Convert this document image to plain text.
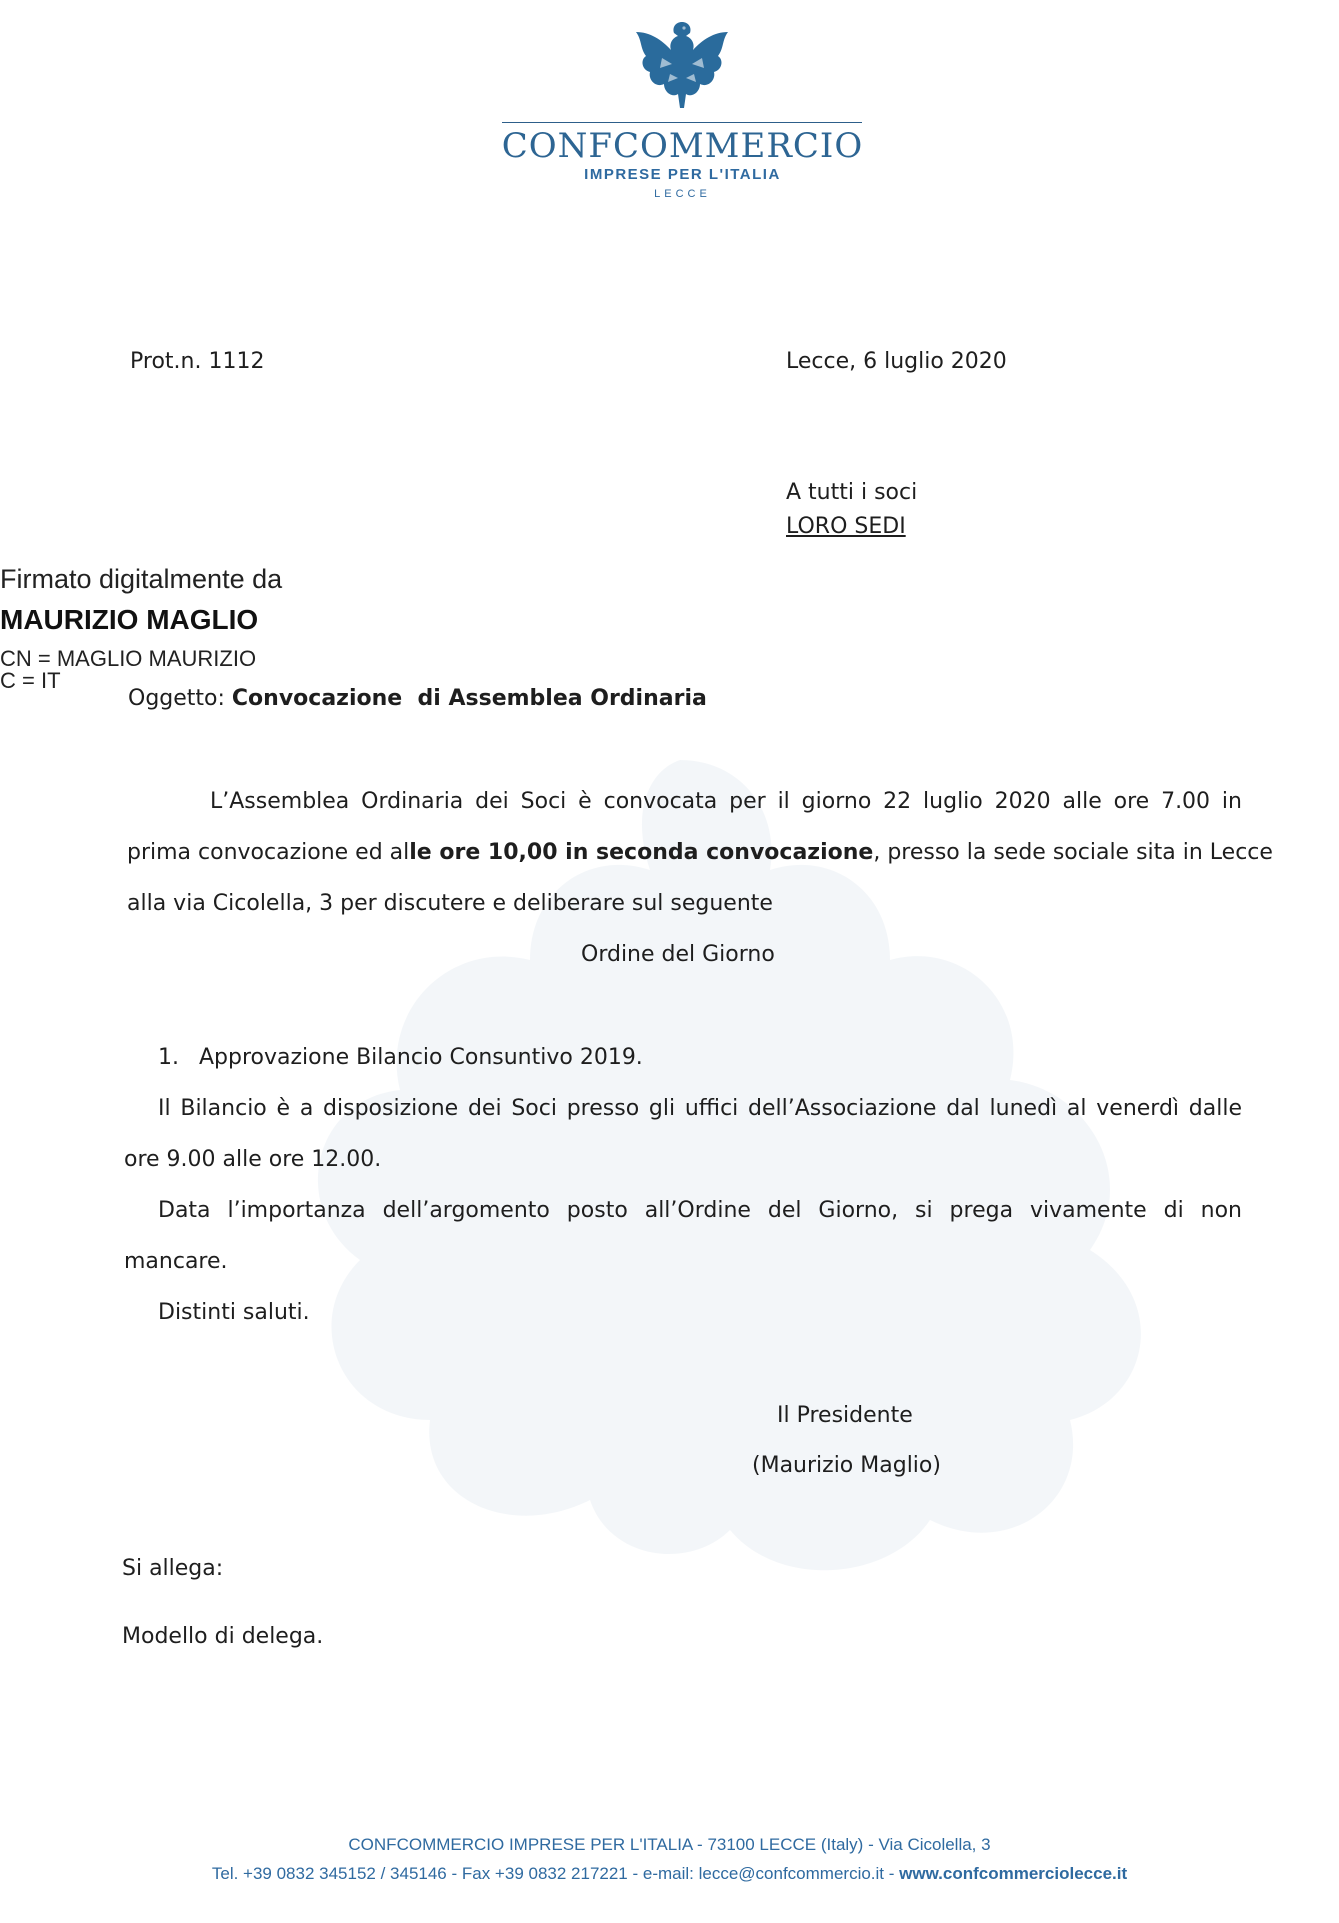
CONFCOMMERCIO
IMPRESE PER L'ITALIA
LECCE
Prot.n. 1112	Lecce, 6 luglio 2020
A tutti i soci
LORO SEDI
Firmato digitalmente da
MAURIZIO MAGLIO
CN = MAGLIO MAURIZIO
C = IT
Oggetto: Convocazione  di Assemblea Ordinaria
L’Assemblea Ordinaria dei Soci è convocata per il giorno 22 luglio 2020 alle ore 7.00 in
prima convocazione ed alle ore 10,00 in seconda convocazione, presso la sede sociale sita in Lecce
alla via Cicolella, 3 per discutere e deliberare sul seguente
Ordine del Giorno
1. Approvazione Bilancio Consuntivo 2019.
Il Bilancio è a disposizione dei Soci presso gli uffici dell’Associazione dal lunedì al venerdì dalle
ore 9.00 alle ore 12.00.
Data l’importanza dell’argomento posto all’Ordine del Giorno, si prega vivamente di non
mancare.
Distinti saluti.
Il Presidente
(Maurizio Maglio)
Si allega:
Modello di delega.
CONFCOMMERCIO IMPRESE PER L'ITALIA - 73100 LECCE (Italy) - Via Cicolella, 3
Tel. +39 0832 345152 / 345146 - Fax +39 0832 217221 - e-mail: lecce@confcommercio.it - www.confcommerciolecce.it
